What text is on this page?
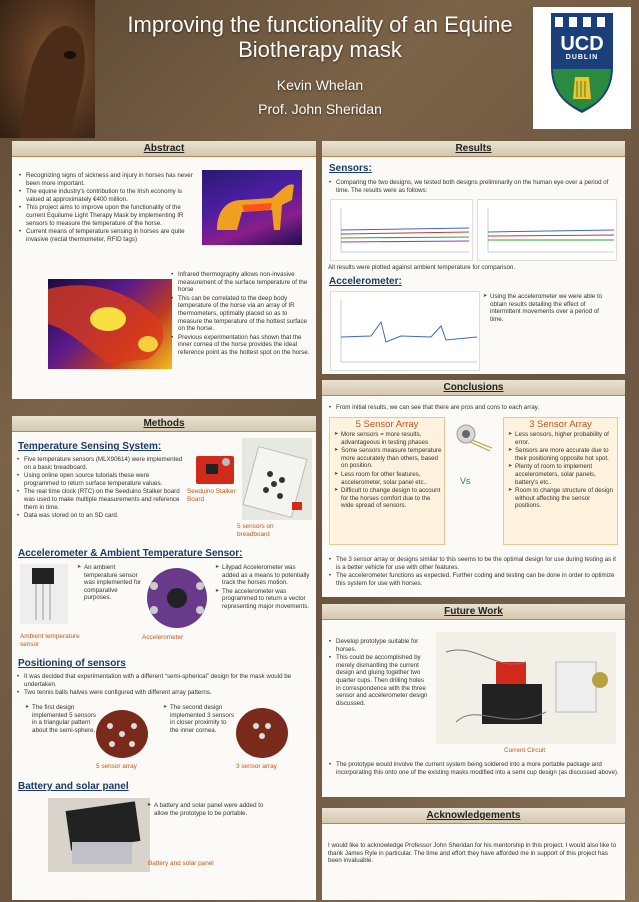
Improving the functionality of an Equine Biotherapy mask
Kevin Whelan
Prof. John Sheridan
UCD
DUBLIN
Abstract
• Recognizing signs of sickness and injury in horses has never been more important.
• The equine industry's contribution to the Irish economy is valued at approximately €400 million.
• This project aims to improve upon the functionality of the current Equilume Light Therapy Mask by implementing IR sensors to measure the temperature of the horse.
• Current means of temperature sensing in horses are quite invasive (rectal thermometer, RFID tags)
• Infrared thermography allows non-invasive measurement of the surface temperature of the horse
• This can be correlated to the deep body temperature of the horse via an array of IR thermometers, optimally placed so as to measure the temperature of the hottest surface on the horse.
• Previous experimentation has shown that the inner cornea of the horse provides the ideal reference point as the hottest spot on the horse.
Results
Sensors:
• Comparing the two designs, we tested both designs preliminarily on the human eye over a period of time. The results were as follows:
All results were plotted against ambient temperature for comparison.
Accelerometer:
➤ Using the accelerometer we were able to obtain results detailing the effect of intermittent movements over a period of time.
Conclusions
• From initial results, we can see that there are pros and cons to each array.
5 Sensor Array
➤ More sensors = more results, advantageous in testing phases
➤ Some sensors measure temperature more accurately than others, based on position.
➤ Less room for other features, accelerometer, solar panel etc..
➤ Difficult to change design to account for the horses comfort due to the wide spread of sensors.
Vs
3 Sensor Array
➤ Less sensors, higher probability of error.
➤ Sensors are more accurate due to their positioning opposite hot spot.
➤ Plenty of room to implement accelerometers, solar panels, battery's etc..
➤ Room to change structure of design without affecting the sensor positions.
• The 3 sensor array or designs similar to this seems to be the optimal design for use during testing as it is a better vehicle for use with other features.
• The accelerometer functions as expected. Further coding and testing can be done in order to optimize this system for use with horses.
Methods
Temperature Sensing System:
• Five temperature sensors (MLX90614) were implemented on a basic breadboard.
• Using online open source tutorials these were programmed to return surface temperature values.
• The real time clock (RTC) on the Seeduino Stalker board was used to make multiple measurements and reference them in time.
• Data was stored on to an SD card.
Seeduino Stalker Board
5 sensors on breadboard
Accelerometer & Ambient Temperature Sensor:
➤ An ambient temperature sensor was implemented for comparative purposes.
Ambient temperature sensor
Accelerometer
➤ Lilypad Accelerometer was added as a means to potentially track the horses motion.
➤ The accelerometer was programmed to return a vector representing major movements.
Positioning of sensors
• It was decided that experimentation with a different “semi-spherical” design for the mask would be undertaken.
• Two tennis balls halves were configured with different array patterns.
➤ The first design implemented 5 sensors in a triangular pattern about the semi-sphere.
5 sensor array
➤ The second design implemented 3 sensors in closer proximity to the inner cornea.
3 sensor array
Battery and solar panel
➤ A battery and solar panel were added to allow the prototype to be portable.
Battery and solar panel
Future Work
• Develop prototype suitable for horses.
• This could be accomplished by merely dismantling the current design and gluing together two quarter cups. Then drilling holes in correspondence with the three sensor and accelerometer design discussed.
Current Circuit
• The prototype would involve the current system being soldered into a more portable package and incorporating this onto one of the existing masks modified into a semi cup design (as discussed above).
Acknowledgements
I would like to acknowledge Professor John Sheridan for his mentorship in this project. I would also like to thank James Ryle in particular. The time and effort they have afforded me in support of this project has been invaluable.
